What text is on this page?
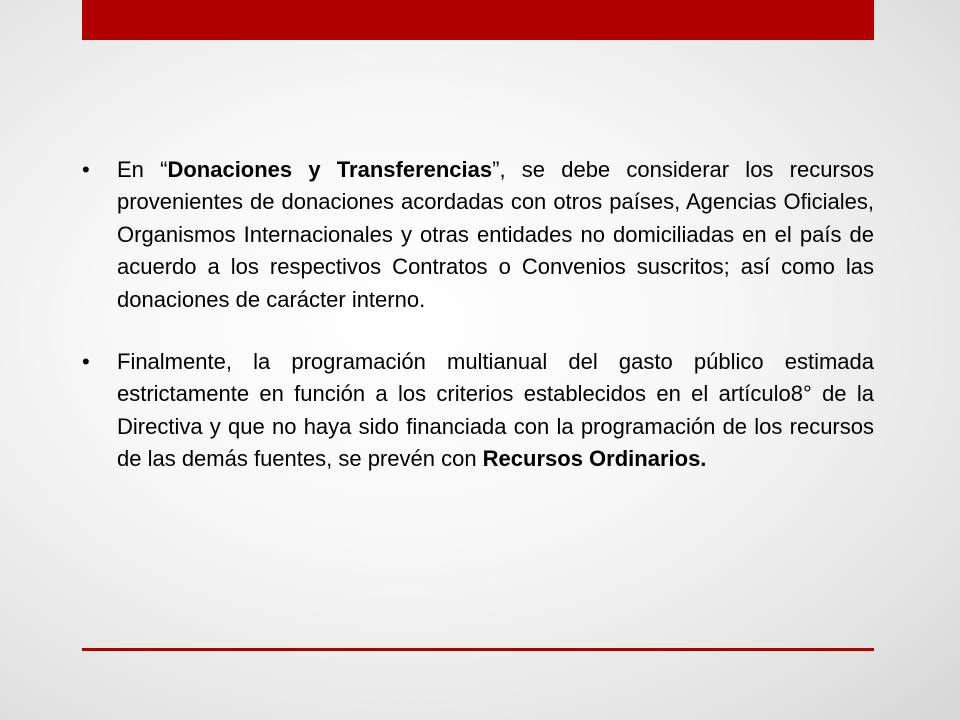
•	En “Donaciones y Transferencias”, se debe considerar los recursos provenientes de donaciones acordadas con otros países, Agencias Oficiales, Organismos Internacionales y otras entidades no domiciliadas en el país de acuerdo a los respectivos Contratos o Convenios suscritos; así como las donaciones de carácter interno.
•	Finalmente, la programación multianual del gasto público estimada estrictamente en función a los criterios establecidos en el artículo8° de la Directiva y que no haya sido financiada con la programación de los recursos de las demás fuentes, se prevén con Recursos Ordinarios.
